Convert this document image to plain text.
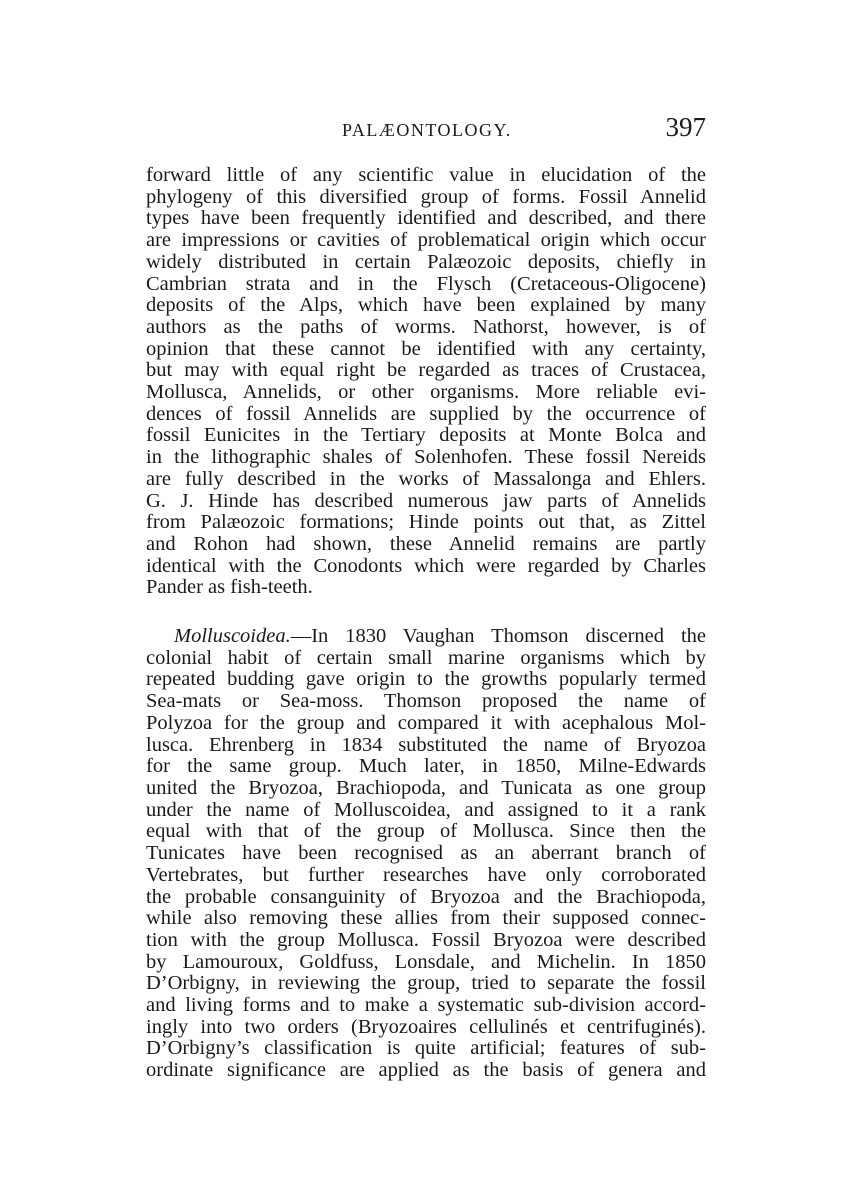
PALÆONTOLOGY.	397
forward little of any scientific value in elucidation of the
phylogeny of this diversified group of forms. Fossil Annelid
types have been frequently identified and described, and there
are impressions or cavities of problematical origin which occur
widely distributed in certain Palæozoic deposits, chiefly in
Cambrian strata and in the Flysch (Cretaceous-Oligocene)
deposits of the Alps, which have been explained by many
authors as the paths of worms. Nathorst, however, is of
opinion that these cannot be identified with any certainty,
but may with equal right be regarded as traces of Crustacea,
Mollusca, Annelids, or other organisms. More reliable evi-
dences of fossil Annelids are supplied by the occurrence of
fossil Eunicites in the Tertiary deposits at Monte Bolca and
in the lithographic shales of Solenhofen. These fossil Nereids
are fully described in the works of Massalonga and Ehlers.
G. J. Hinde has described numerous jaw parts of Annelids
from Palæozoic formations; Hinde points out that, as Zittel
and Rohon had shown, these Annelid remains are partly
identical with the Conodonts which were regarded by Charles
Pander as fish-teeth.
Molluscoidea.—In 1830 Vaughan Thomson discerned the
colonial habit of certain small marine organisms which by
repeated budding gave origin to the growths popularly termed
Sea-mats or Sea-moss. Thomson proposed the name of
Polyzoa for the group and compared it with acephalous Mol-
lusca. Ehrenberg in 1834 substituted the name of Bryozoa
for the same group. Much later, in 1850, Milne-Edwards
united the Bryozoa, Brachiopoda, and Tunicata as one group
under the name of Molluscoidea, and assigned to it a rank
equal with that of the group of Mollusca. Since then the
Tunicates have been recognised as an aberrant branch of
Vertebrates, but further researches have only corroborated
the probable consanguinity of Bryozoa and the Brachiopoda,
while also removing these allies from their supposed connec-
tion with the group Mollusca. Fossil Bryozoa were described
by Lamouroux, Goldfuss, Lonsdale, and Michelin. In 1850
D’Orbigny, in reviewing the group, tried to separate the fossil
and living forms and to make a systematic sub-division accord-
ingly into two orders (Bryozoaires cellulinés et centrifuginés).
D’Orbigny’s classification is quite artificial; features of sub-
ordinate significance are applied as the basis of genera and
